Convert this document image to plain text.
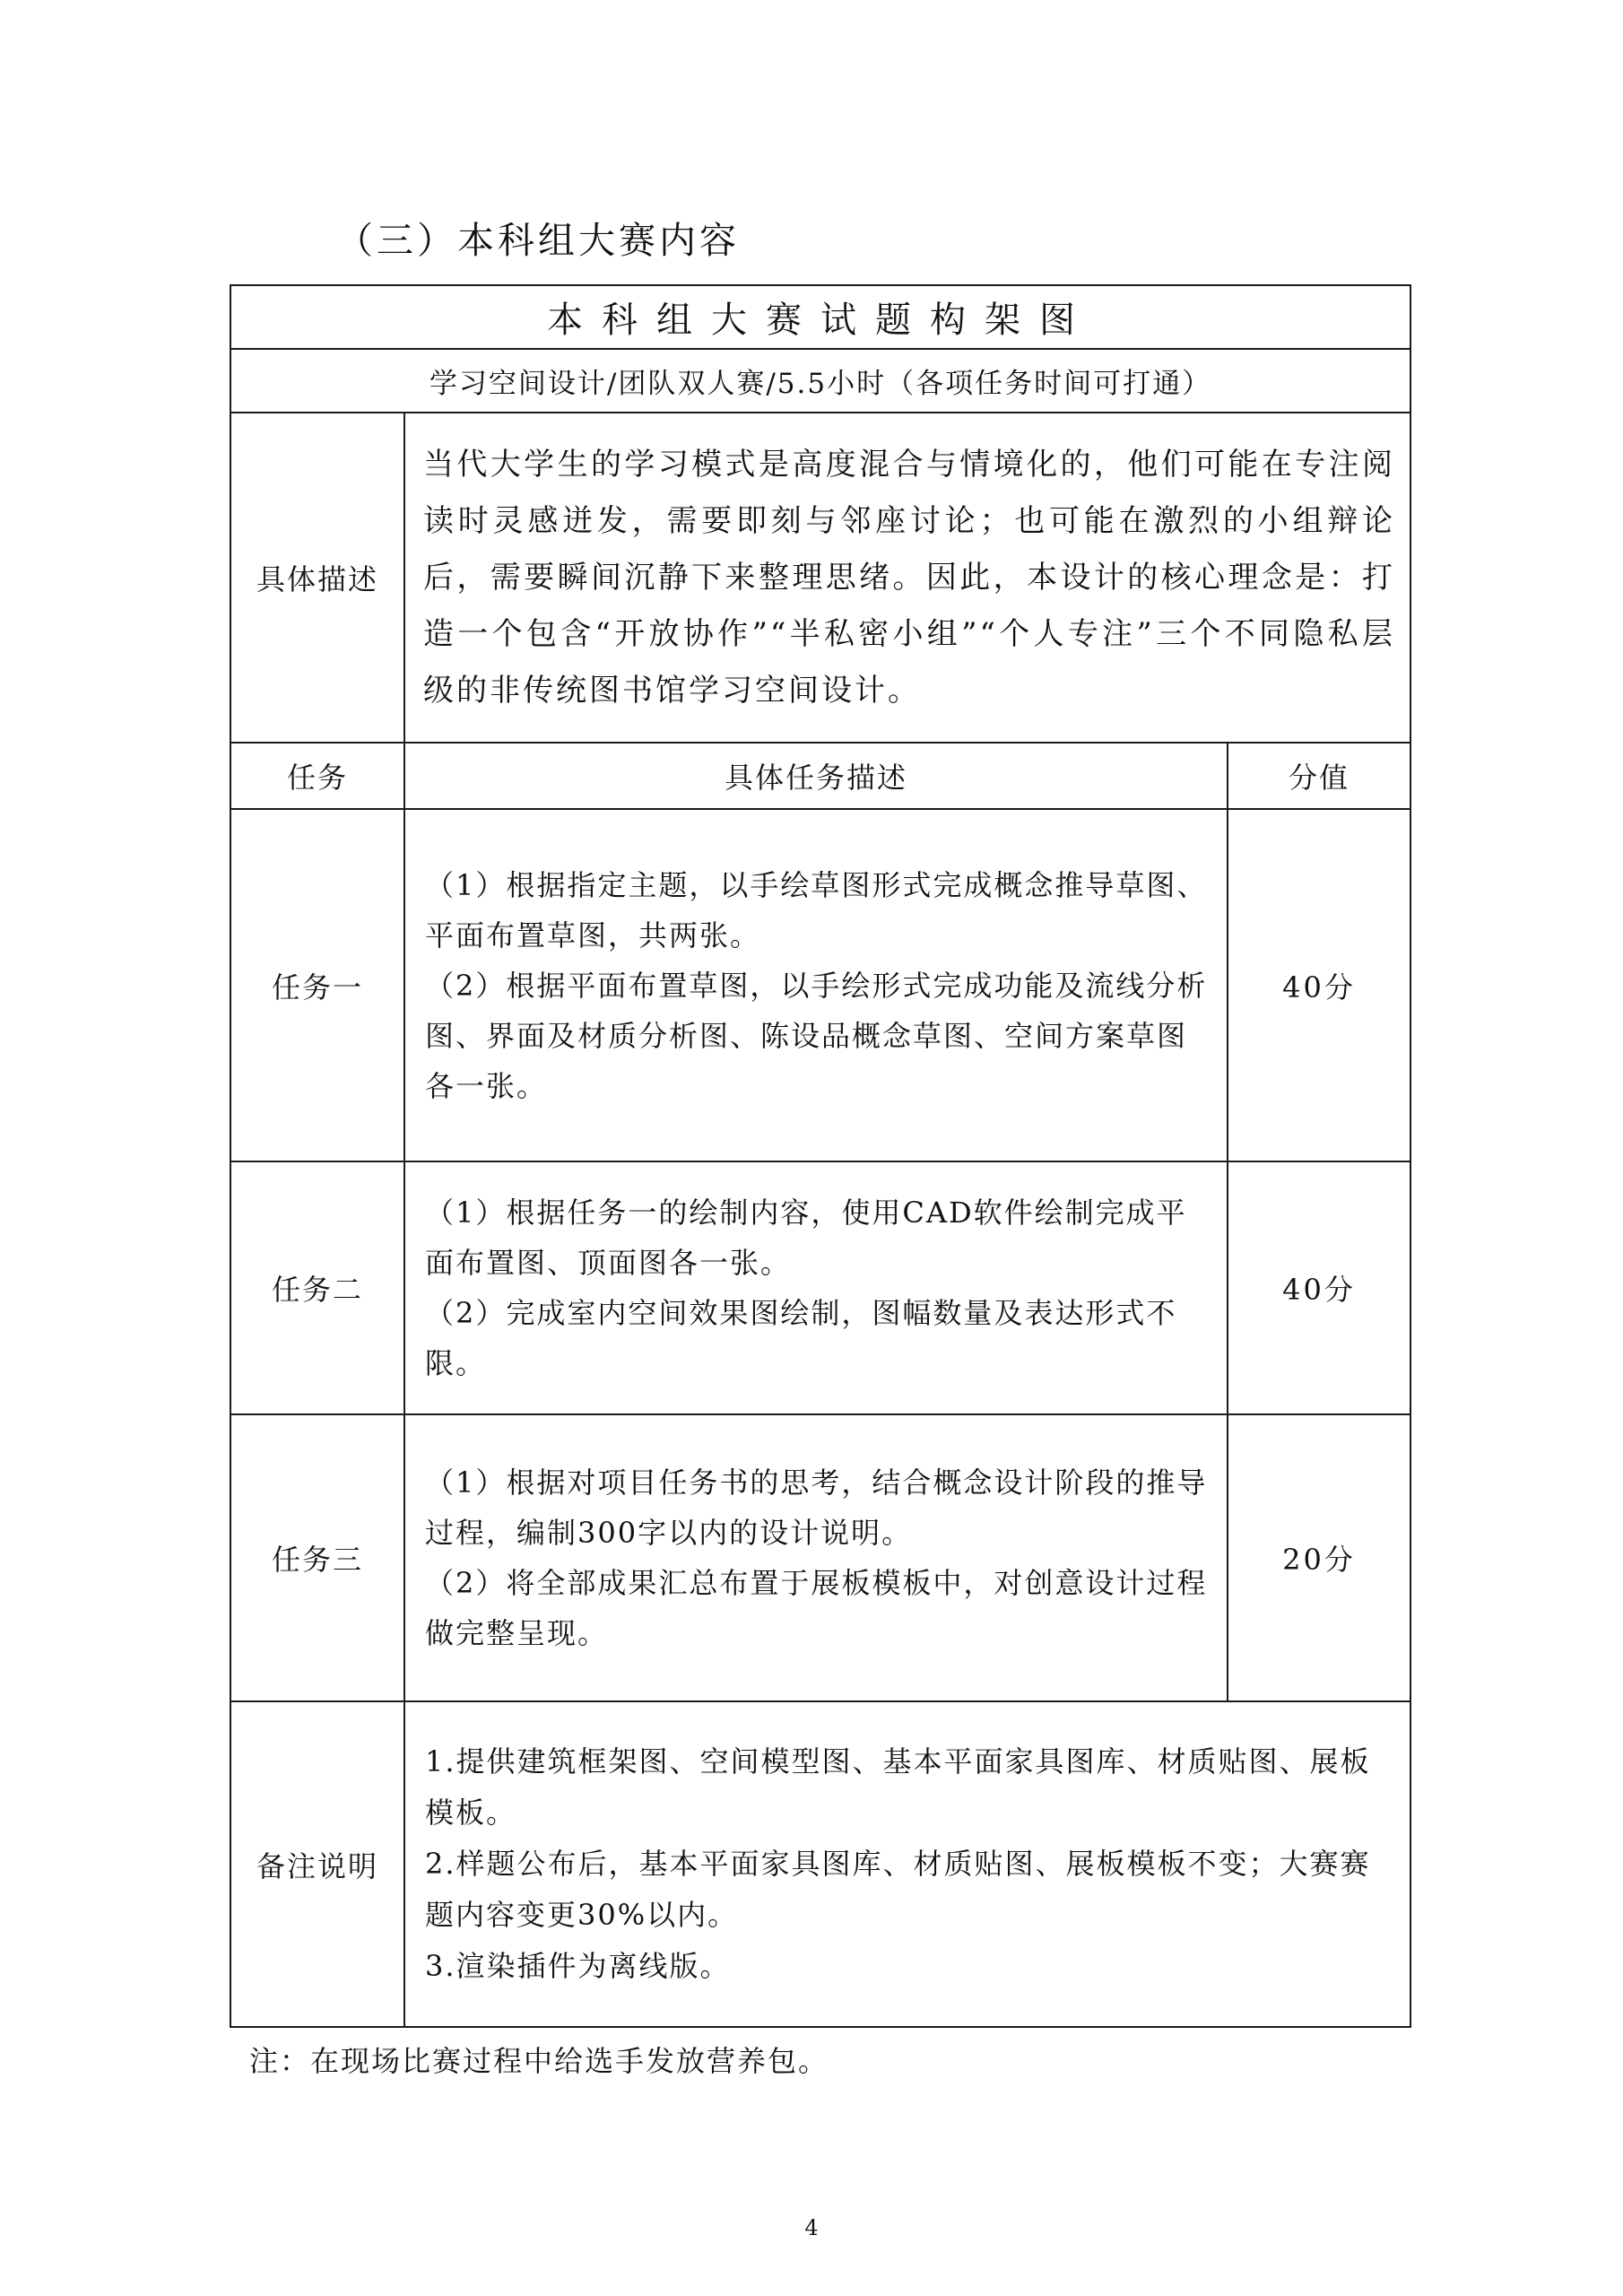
（三）本科组大赛内容
本科组大赛试题构架图		
学习空间设计/团队双人赛/5.5小时（各项任务时间可打通）		
具体描述	当代大学生的学习模式是高度混合与情境化的，他们可能在专注阅读时灵感迸发，需要即刻与邻座讨论；也可能在激烈的小组辩论后，需要瞬间沉静下来整理思绪。因此，本设计的核心理念是：打造一个包含“开放协作”“半私密小组”“个人专注”三个不同隐私层级的非传统图书馆学习空间设计。	

任务	具体任务描述	分值
任务一	（1）根据指定主题，以手绘草图形式完成概念推导草图、平面布置草图，共两张。

（2）根据平面布置草图，以手绘形式完成功能及流线分析图、界面及材质分析图、陈设品概念草图、空间方案草图各一张。	40分
任务二	（1）根据任务一的绘制内容，使用CAD软件绘制完成平面布置图、顶面图各一张。

（2）完成室内空间效果图绘制，图幅数量及表达形式不限。	40分
任务三	（1）根据对项目任务书的思考，结合概念设计阶段的推导过程，编制300字以内的设计说明。

（2）将全部成果汇总布置于展板模板中，对创意设计过程做完整呈现。	20分
备注说明	1.提供建筑框架图、空间模型图、基本平面家具图库、材质贴图、展板模板。

2.样题公布后，基本平面家具图库、材质贴图、展板模板不变；大赛赛题内容变更30%以内。

3.渲染插件为离线版。	

注：在现场比赛过程中给选手发放营养包。
4
